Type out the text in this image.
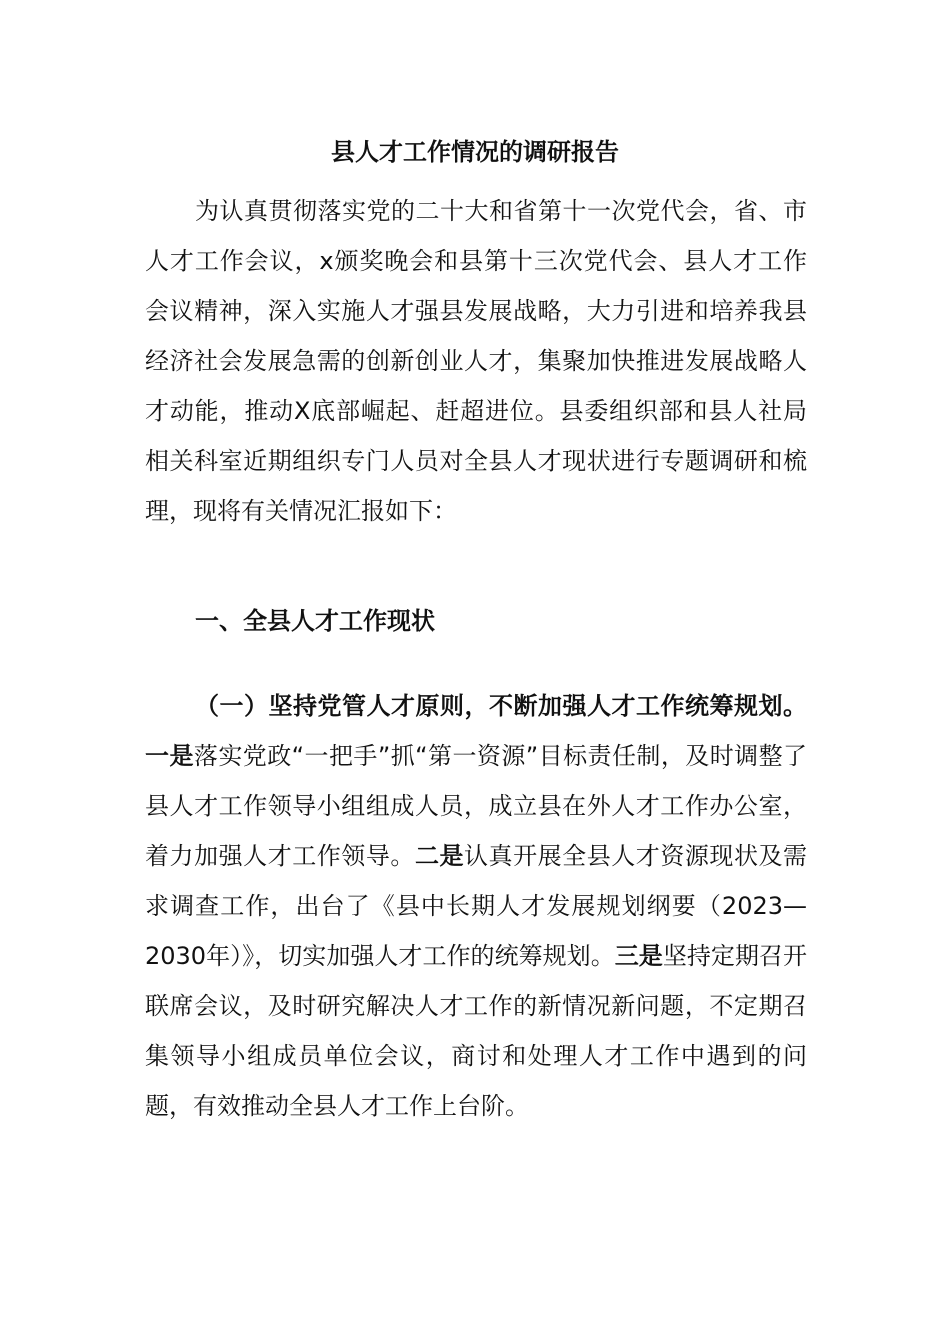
县人才工作情况的调研报告

为认真贯彻落实党的二十大和省第十一次党代会，省、市人才工作会议，x颁奖晚会和县第十三次党代会、县人才工作会议精神，深入实施人才强县发展战略，大力引进和培养我县经济社会发展急需的创新创业人才，集聚加快推进发展战略人才动能，推动X底部崛起、赶超进位。县委组织部和县人社局相关科室近期组织专门人员对全县人才现状进行专题调研和梳理，现将有关情况汇报如下：

一、全县人才工作现状

（一）坚持党管人才原则，不断加强人才工作统筹规划。一是落实党政“一把手”抓“第一资源”目标责任制，及时调整了县人才工作领导小组组成人员，成立县在外人才工作办公室，着力加强人才工作领导。二是认真开展全县人才资源现状及需求调查工作，出台了《县中长期人才发展规划纲要（2023—2030年）》，切实加强人才工作的统筹规划。三是坚持定期召开联席会议，及时研究解决人才工作的新情况新问题，不定期召集领导小组成员单位会议，商讨和处理人才工作中遇到的问题，有效推动全县人才工作上台阶。
